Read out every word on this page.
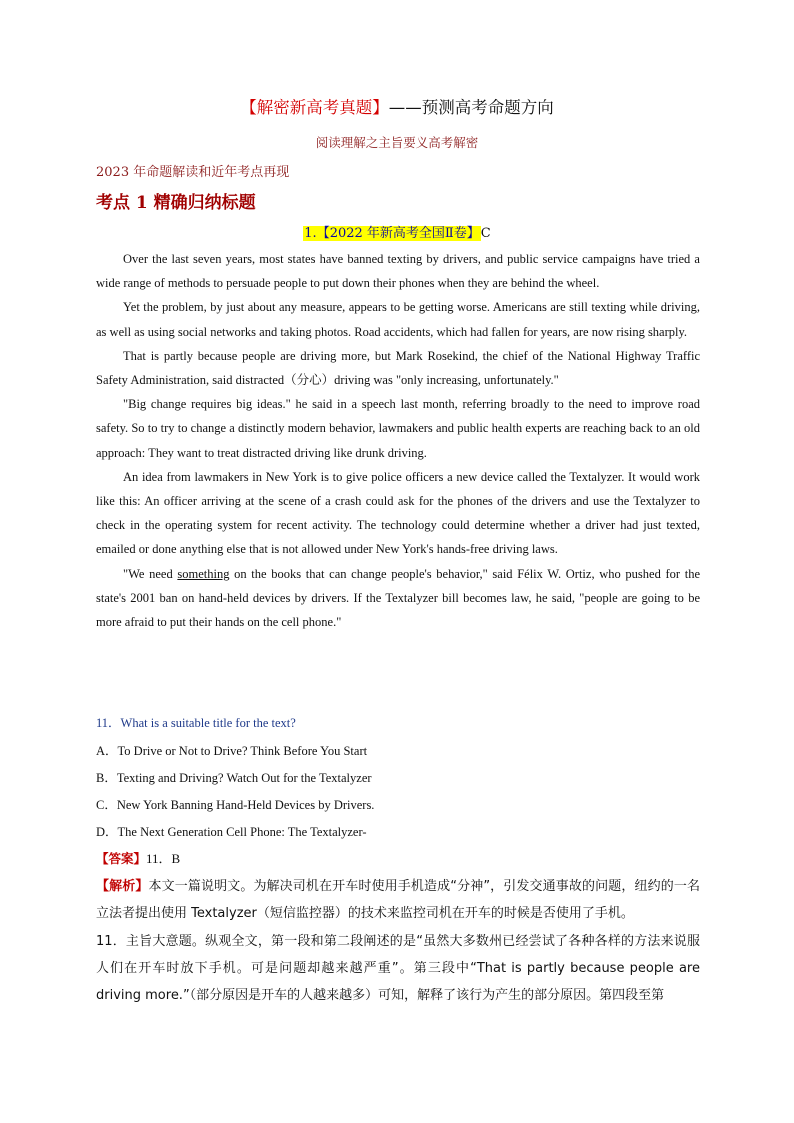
【解密新高考真题】——预测高考命题方向
阅读理解之主旨要义高考解密
2023 年命题解读和近年考点再现
考点 1 精确归纳标题
1.【2022 年新高考全国Ⅱ卷】C

Over the last seven years, most states have banned texting by drivers, and public service campaigns have tried a wide range of methods to persuade people to put down their phones when they are behind the wheel.

Yet the problem, by just about any measure, appears to be getting worse. Americans are still texting while driving, as well as using social networks and taking photos. Road accidents, which had fallen for years, are now rising sharply.

That is partly because people are driving more, but Mark Rosekind, the chief of the National Highway Traffic Safety Administration, said distracted（分心）driving was "only increasing, unfortunately."

"Big change requires big ideas." he said in a speech last month, referring broadly to the need to improve road safety. So to try to change a distinctly modern behavior, lawmakers and public health experts are reaching back to an old approach: They want to treat distracted driving like drunk driving.

An idea from lawmakers in New York is to give police officers a new device called the Textalyzer. It would work like this: An officer arriving at the scene of a crash could ask for the phones of the drivers and use the Textalyzer to check in the operating system for recent activity. The technology could determine whether a driver had just texted, emailed or done anything else that is not allowed under New York's hands-free driving laws.

"We need something on the books that can change people's behavior," said Félix W. Ortiz, who pushed for the state's 2001 ban on hand-held devices by drivers. If the Textalyzer bill becomes law, he said, "people are going to be more afraid to put their hands on the cell phone."

11．What is a suitable title for the text?
A．To Drive or Not to Drive? Think Before You Start
B．Texting and Driving? Watch Out for the Textalyzer
C．New York Banning Hand-Held Devices by Drivers.
D．The Next Generation Cell Phone: The Textalyzer-
【答案】11．B
【解析】本文一篇说明文。为解决司机在开车时使用手机造成“分神”，引发交通事故的问题，纽约的一名立法者提出使用 Textalyzer（短信监控器）的技术来监控司机在开车的时候是否使用了手机。
11．主旨大意题。纵观全文，第一段和第二段阐述的是“虽然大多数州已经尝试了各种各样的方法来说服人们在开车时放下手机。可是问题却越来越严重”。第三段中“That is partly because people are driving more.”（部分原因是开车的人越来越多）可知，解释了该行为产生的部分原因。第四段至第
